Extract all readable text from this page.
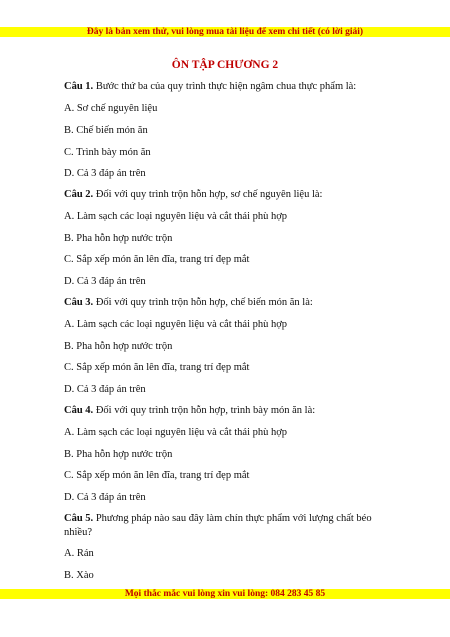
Đây là bản xem thử, vui lòng mua tài liệu để xem chi tiết (có lời giải)
ÔN TẬP CHƯƠNG 2
Câu 1. Bước thứ ba của quy trình thực hiện ngâm chua thực phẩm là:
A. Sơ chế nguyên liệu
B. Chế biến món ăn
C. Trình bày món ăn
D. Cả 3 đáp án trên
Câu 2. Đối với quy trình trộn hỗn hợp, sơ chế nguyên liệu là:
A. Làm sạch các loại nguyên liệu và cắt thái phù hợp
B. Pha hỗn hợp nước trộn
C. Sắp xếp món ăn lên đĩa, trang trí đẹp mắt
D. Cả 3 đáp án trên
Câu 3. Đối với quy trình trộn hỗn hợp, chế biến món ăn là:
A. Làm sạch các loại nguyên liệu và cắt thái phù hợp
B. Pha hỗn hợp nước trộn
C. Sắp xếp món ăn lên đĩa, trang trí đẹp mắt
D. Cả 3 đáp án trên
Câu 4. Đối với quy trình trộn hỗn hợp, trình bày món ăn là:
A. Làm sạch các loại nguyên liệu và cắt thái phù hợp
B. Pha hỗn hợp nước trộn
C. Sắp xếp món ăn lên đĩa, trang trí đẹp mắt
D. Cả 3 đáp án trên
Câu 5. Phương pháp nào sau đây làm chín thực phẩm với lượng chất béo nhiều?
A. Rán
B. Xào
Mọi thắc mắc vui lòng xin vui lòng: 084 283 45 85
